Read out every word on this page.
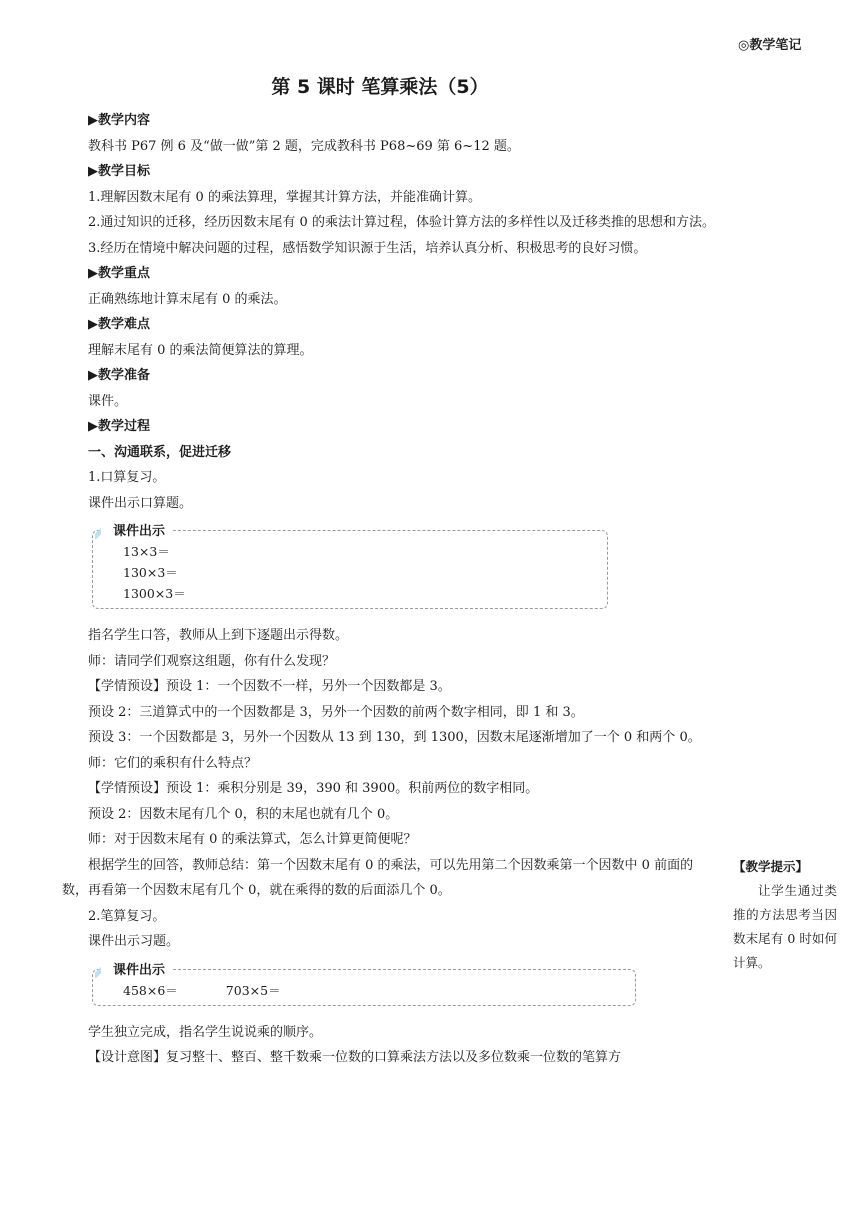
◎教学笔记
第 5 课时 笔算乘法（5）

▶教学内容

教科书 P67 例 6 及“做一做”第 2 题，完成教科书 P68~69 第 6~12 题。

▶教学目标

1.理解因数末尾有 0 的乘法算理，掌握其计算方法，并能准确计算。

2.通过知识的迁移，经历因数末尾有 0 的乘法计算过程，体验计算方法的多样性以及迁移类推的思想和方法。

3.经历在情境中解决问题的过程，感悟数学知识源于生活，培养认真分析、积极思考的良好习惯。

▶教学重点

正确熟练地计算末尾有 0 的乘法。

▶教学难点

理解末尾有 0 的乘法简便算法的算理。

▶教学准备

课件。

▶教学过程

一、沟通联系，促进迁移

1.口算复习。

课件出示口算题。

课件出示
13×3＝
130×3＝
1300×3＝

指名学生口答，教师从上到下逐题出示得数。

师：请同学们观察这组题，你有什么发现？

【学情预设】预设 1：一个因数不一样，另外一个因数都是 3。

预设 2：三道算式中的一个因数都是 3，另外一个因数的前两个数字相同，即 1 和 3。

预设 3：一个因数都是 3，另外一个因数从 13 到 130，到 1300，因数末尾逐渐增加了一个 0 和两个 0。

师：它们的乘积有什么特点？

【学情预设】预设 1：乘积分别是 39，390 和 3900。积前两位的数字相同。

预设 2：因数末尾有几个 0，积的末尾也就有几个 0。

师：对于因数末尾有 0 的乘法算式，怎么计算更简便呢？

根据学生的回答，教师总结：第一个因数末尾有 0 的乘法，可以先用第二个因数乘第一个因数中 0 前面的数，再看第一个因数末尾有几个 0，就在乘得的数的后面添几个 0。

2.笔算复习。

课件出示习题。

课件出示
458×6＝	703×5＝

学生独立完成，指名学生说说乘的顺序。

【设计意图】复习整十、整百、整千数乘一位数的口算乘法方法以及多位数乘一位数的笔算方

【教学提示】
让学生通过类推的方法思考当因数末尾有 0 时如何计算。
